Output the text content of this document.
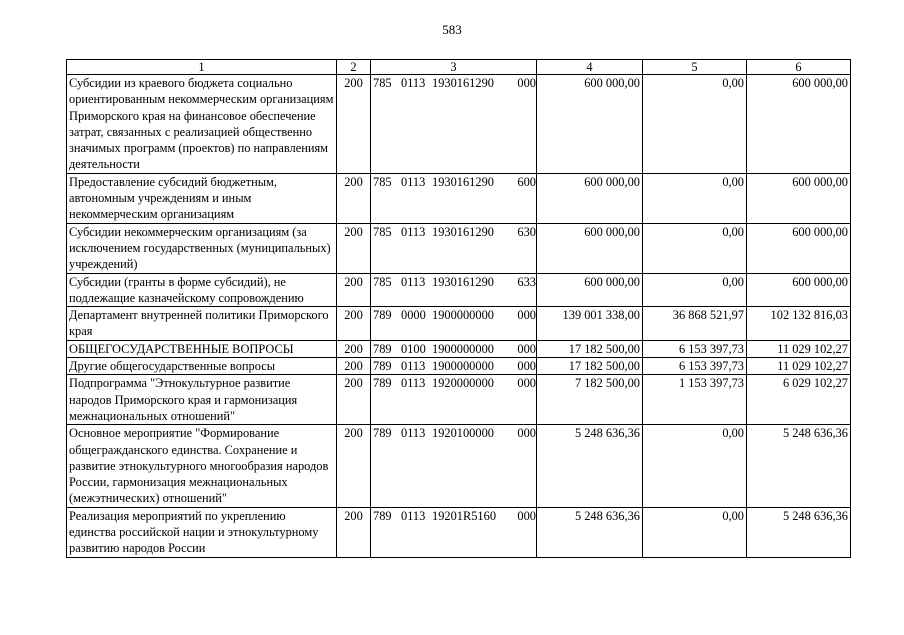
583
1	2	3	4	5	6
Субсидии из краевого бюджета социально ориентированным некоммерческим организациям Приморского края на финансовое обеспечение затрат, связанных с реализацией общественно значимых программ (проектов) по направлениям деятельности	200	785 0113 1930161290 000	600 000,00	0,00	600 000,00
Предоставление субсидий бюджетным, автономным учреждениям и иным некоммерческим организациям	200	785 0113 1930161290 600	600 000,00	0,00	600 000,00
Субсидии некоммерческим организациям (за исключением государственных (муниципальных) учреждений)	200	785 0113 1930161290 630	600 000,00	0,00	600 000,00
Субсидии (гранты в форме субсидий), не подлежащие казначейскому сопровождению	200	785 0113 1930161290 633	600 000,00	0,00	600 000,00
Департамент внутренней политики Приморского края	200	789 0000 1900000000 000	139 001 338,00	36 868 521,97	102 132 816,03
ОБЩЕГОСУДАРСТВЕННЫЕ ВОПРОСЫ	200	789 0100 1900000000 000	17 182 500,00	6 153 397,73	11 029 102,27
Другие общегосударственные вопросы	200	789 0113 1900000000 000	17 182 500,00	6 153 397,73	11 029 102,27
Подпрограмма "Этнокультурное развитие народов Приморского края и гармонизация межнациональных отношений"	200	789 0113 1920000000 000	7 182 500,00	1 153 397,73	6 029 102,27
Основное мероприятие "Формирование общегражданского единства. Сохранение и развитие этнокультурного многообразия народов России, гармонизация межнациональных (межэтнических) отношений"	200	789 0113 1920100000 000	5 248 636,36	0,00	5 248 636,36
Реализация мероприятий по укреплению единства российской нации и этнокультурному развитию народов России	200	789 0113 19201R5160 000	5 248 636,36	0,00	5 248 636,36
